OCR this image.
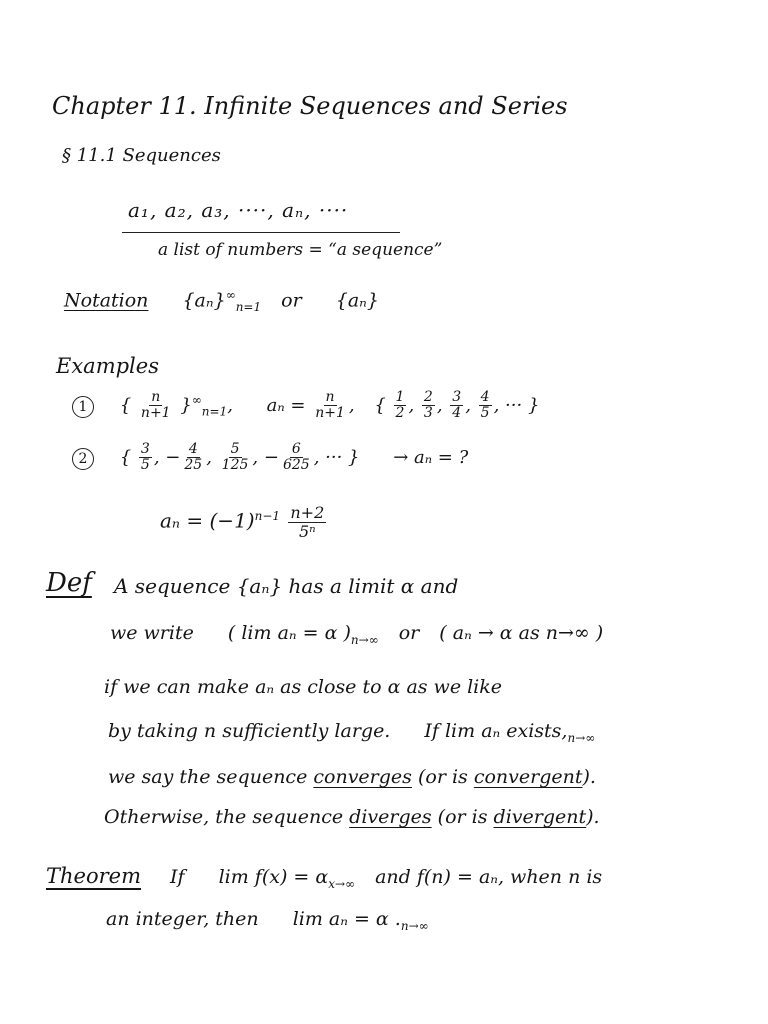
Chapter 11. Infinite Sequences and Series
§ 11.1 Sequences
a₁, a₂, a₃, ····, aₙ, ····
a list of numbers = “a sequence”
Notation $\{a_n\}^\infty_{n=1}$ or {aₙ}
Examples
1 { $\frac{n}{n+1} \}^\infty_{n=1}$, $a_n = \frac{n}{n+1}$ , { $\frac{1}{2}$ , $\frac{2}{3}$ , $\frac{3}{4}$ , $\frac{4}{5}$ , ··· }
2 { $\frac{3}{5}$ , − $\frac{4}{25}$ , $\frac{5}{125}$ , − $\frac{6}{625}$ , ··· } → aₙ = ?
$a_n = (-1)^{n-1} \frac{n+2}{\text{5ⁿ}}$
Def A sequence {aₙ} has a limit α and
we write ( lim aₙ = α )$_{n\to\infty}$ or ( aₙ → α as n→∞ )
if we can make aₙ as close to α as we like
by taking n sufficiently large. If lim aₙ $exists,_{n\to\infty}$
we say the sequence converges (or is convergent).
Otherwise, the sequence diverges (or is divergent).
Theorem If $\lim f(x) = \alpha_{x\to\infty}$ and f(n) = aₙ, when n is
an integer, then lim aₙ = α $._{n\to\infty}$
